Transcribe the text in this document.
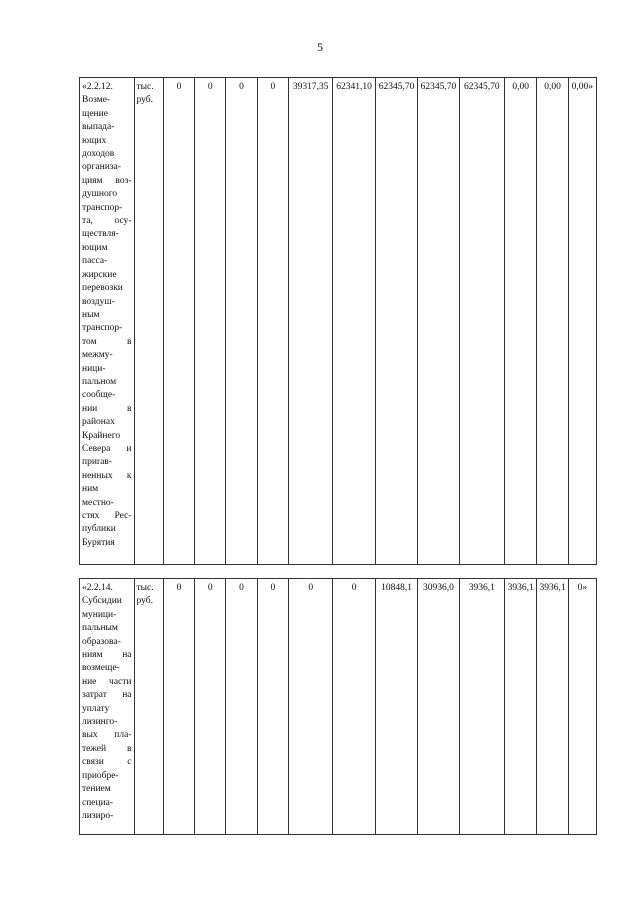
5
«2.2.12.
Возме-
щение
выпада-
ющих
доходов
организа-
циям воз-
душного
транспор-
та, осу-
ществля-
ющим
пасса-
жирские
перевозки
воздуш-
ным
транспор-
том в
межму-
ници-
пальном
сообще-
нии в
районах
Крайнего
Севера и
приrав-
ненных к
ним
местно-
стях Рес-
публики
Бурятия

тыс.
руб.
	0	0	0	0	39317,35	62341,10	62345,70	62345,70	62345,70	0,00	0,00	0,00»
«2.2.14.
Субсидии
муници-
пальным
образова-
ниям на
возмеще-
ние части
затрат на
уплату
лизинго-
вых пла-
тежей в
связи с
приобре-
тением
специа-
лизиро-

тыс.
руб.
	0	0	0	0	0	0	10848,1	30936,0	3936,1	3936,1	3936,1	0»
